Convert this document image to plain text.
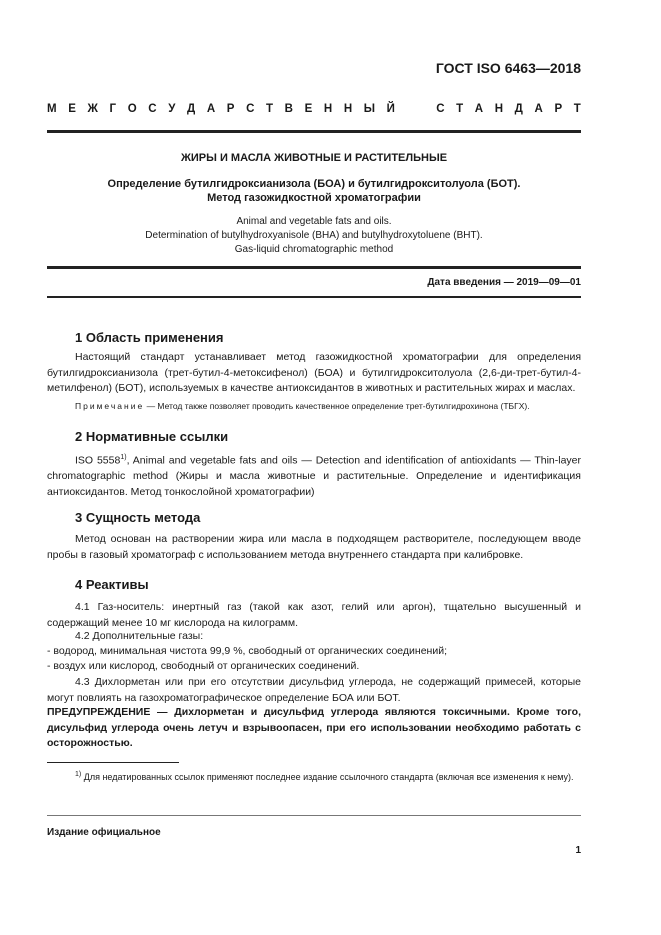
ГОСТ ISO 6463—2018
М Е Ж Г О С У Д А Р С Т В Е Н Н Ы Й

	С Т А Н Д А Р Т
ЖИРЫ И МАСЛА ЖИВОТНЫЕ И РАСТИТЕЛЬНЫЕ
Определение бутилгидроксианизола (БОА) и бутилгидрокситолуола (БОТ).
Метод газожидкостной хроматографии
Animal and vegetable fats and oils.
Determination of butylhydroxyanisole (BHA) and butylhydroxytoluene (BHT).
Gas-liquid chromatographic method
Дата введения — 2019—09—01
1 Область применения
Настоящий стандарт устанавливает метод газожидкостной хроматографии для определения бутилгидроксианизола (трет-бутил-4-метоксифенол) (БОА) и бутилгидрокситолуола (2,6-ди-трет-бутил-4-метилфенол) (БОТ), используемых в качестве антиоксидантов в животных и растительных жирах и маслах.
Примечание — Метод также позволяет проводить качественное определение трет-бутилгидрохинона (ТБГХ).
2 Нормативные ссылки
ISO 5558$^{1)}$, Animal and vegetable fats and oils — Detection and identification of antioxidants — Thin-layer chromatographic method (Жиры и масла животные и растительные. Определение и идентификация антиоксидантов. Метод тонкослойной хроматографии)
3 Сущность метода
Метод основан на растворении жира или масла в подходящем растворителе, последующем вводе пробы в газовый хроматограф с использованием метода внутреннего стандарта при калибровке.
4 Реактивы
4.1 Газ-носитель: инертный газ (такой как азот, гелий или аргон), тщательно высушенный и содержащий менее 10 мг кислорода на килограмм.
4.2 Дополнительные газы:
- водород, минимальная чистота 99,9 %, свободный от органических соединений;
- воздух или кислород, свободный от органических соединений.
4.3 Дихлорметан или при его отсутствии дисульфид углерода, не содержащий примесей, которые могут повлиять на газохроматографическое определение БОА или БОТ.
ПРЕДУПРЕЖДЕНИЕ — Дихлорметан и дисульфид углерода являются токсичными. Кроме того, дисульфид углерода очень летуч и взрывоопасен, при его использовании необходимо работать с осторожностью.
$^{1)}$ Для недатированных ссылок применяют последнее издание ссылочного стандарта (включая все изменения к нему).
Издание официальное
1
